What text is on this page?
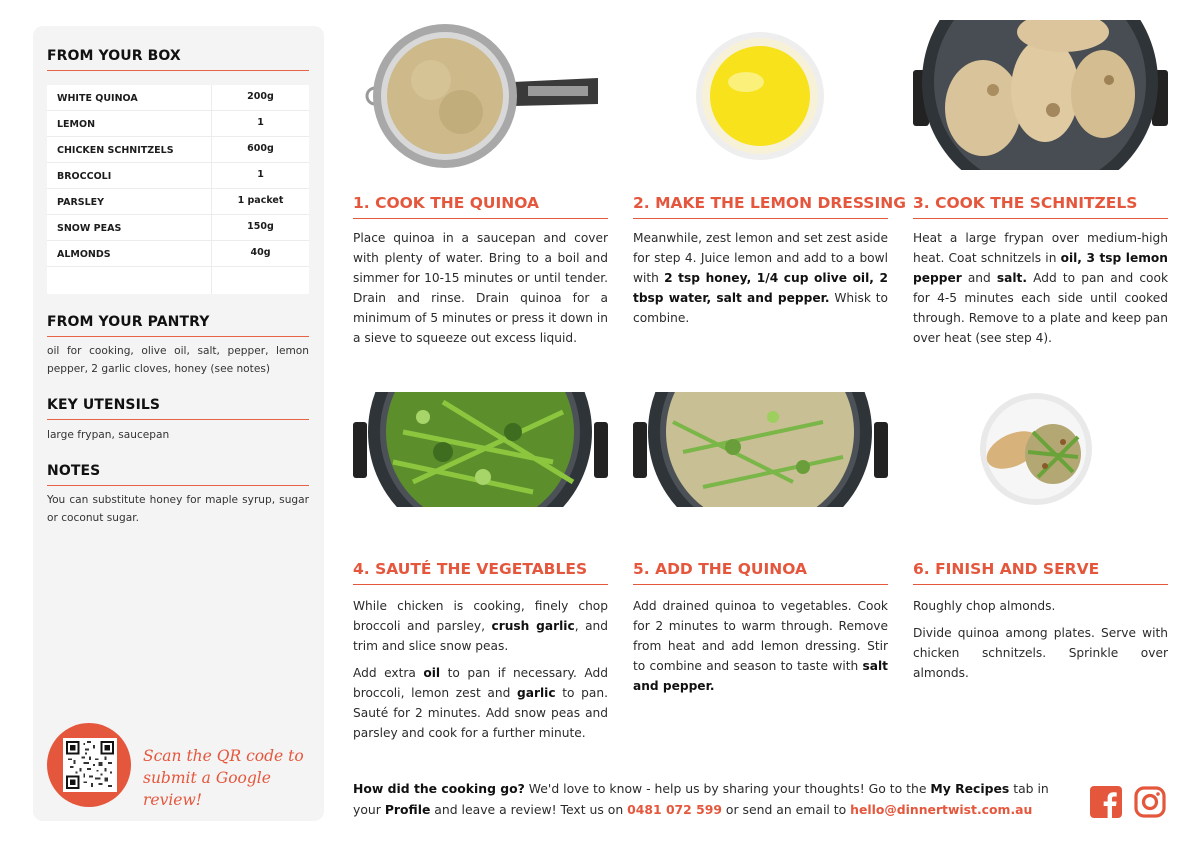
FROM YOUR BOX
WHITE QUINOA	200g
LEMON	1
CHICKEN SCHNITZELS	600g
BROCCOLI	1
PARSLEY	1 packet
SNOW PEAS	150g
ALMONDS	40g
FROM YOUR PANTRY
oil for cooking, olive oil, salt, pepper, lemon pepper, 2 garlic cloves, honey (see notes)
KEY UTENSILS
large frypan, saucepan
NOTES
You can substitute honey for maple syrup, sugar or coconut sugar.
Scan the QR code to
submit a Google review!
1. COOK THE QUINOA

Place quinoa in a saucepan and cover with plenty of water. Bring to a boil and simmer for 10-15 minutes or until tender. Drain and rinse. Drain quinoa for a minimum of 5 minutes or press it down in a sieve to squeeze out excess liquid.

2. MAKE THE LEMON DRESSING

Meanwhile, zest lemon and set zest aside for step 4. Juice lemon and add to a bowl with 2 tsp honey, 1/4 cup olive oil, 2 tbsp water, salt and pepper. Whisk to combine.

3. COOK THE SCHNITZELS

Heat a large frypan over medium-high heat. Coat schnitzels in oil, 3 tsp lemon pepper and salt. Add to pan and cook for 4-5 minutes each side until cooked through. Remove to a plate and keep pan over heat (see step 4).

4. SAUTÉ THE VEGETABLES

While chicken is cooking, finely chop broccoli and parsley, crush garlic, and trim and slice snow peas.

Add extra oil to pan if necessary. Add broccoli, lemon zest and garlic to pan. Sauté for 2 minutes. Add snow peas and parsley and cook for a further minute.

5. ADD THE QUINOA

Add drained quinoa to vegetables. Cook for 2 minutes to warm through. Remove from heat and add lemon dressing. Stir to combine and season to taste with salt and pepper.

6. FINISH AND SERVE

Roughly chop almonds.

Divide quinoa among plates. Serve with chicken schnitzels. Sprinkle over almonds.

How did the cooking go? We'd love to know - help us by sharing your thoughts! Go to the My Recipes tab in your Profile and leave a review! Text us on 0481 072 599 or send an email to hello@dinnertwist.com.au
